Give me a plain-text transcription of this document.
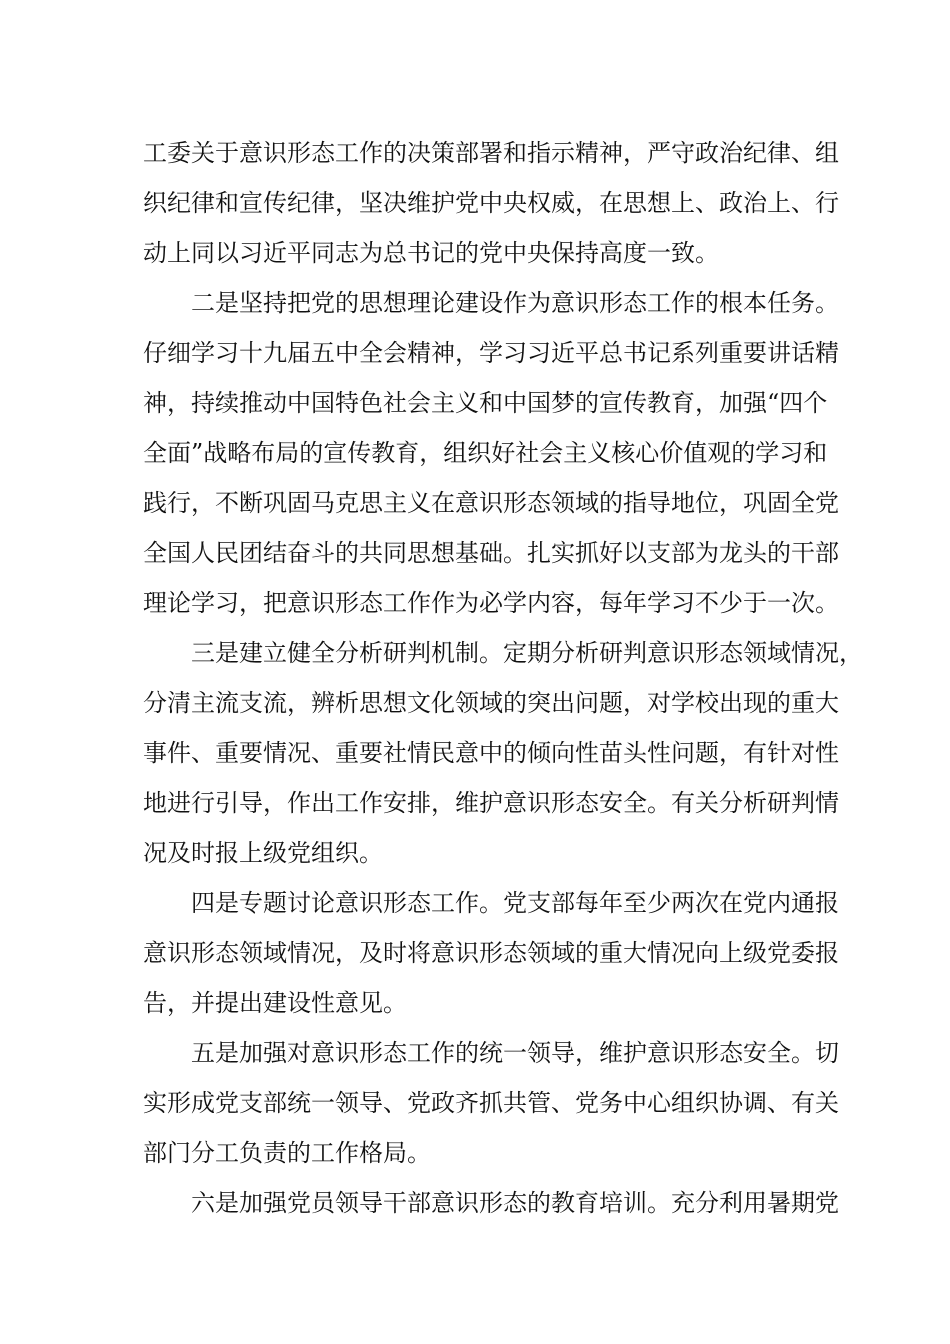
工委关于意识形态工作的决策部署和指示精神，严守政治纪律、组
织纪律和宣传纪律，坚决维护党中央权威，在思想上、政治上、行
动上同以习近平同志为总书记的党中央保持高度一致。
二是坚持把党的思想理论建设作为意识形态工作的根本任务。
仔细学习十九届五中全会精神，学习习近平总书记系列重要讲话精
神，持续推动中国特色社会主义和中国梦的宣传教育，加强“四个
全面”战略布局的宣传教育，组织好社会主义核心价值观的学习和
践行，不断巩固马克思主义在意识形态领域的指导地位，巩固全党
全国人民团结奋斗的共同思想基础。扎实抓好以支部为龙头的干部
理论学习，把意识形态工作作为必学内容，每年学习不少于一次。
三是建立健全分析研判机制。定期分析研判意识形态领域情况，
分清主流支流，辨析思想文化领域的突出问题，对学校出现的重大
事件、重要情况、重要社情民意中的倾向性苗头性问题，有针对性
地进行引导，作出工作安排，维护意识形态安全。有关分析研判情
况及时报上级党组织。
四是专题讨论意识形态工作。党支部每年至少两次在党内通报
意识形态领域情况，及时将意识形态领域的重大情况向上级党委报
告，并提出建设性意见。
五是加强对意识形态工作的统一领导，维护意识形态安全。切
实形成党支部统一领导、党政齐抓共管、党务中心组织协调、有关
部门分工负责的工作格局。
六是加强党员领导干部意识形态的教育培训。充分利用暑期党
